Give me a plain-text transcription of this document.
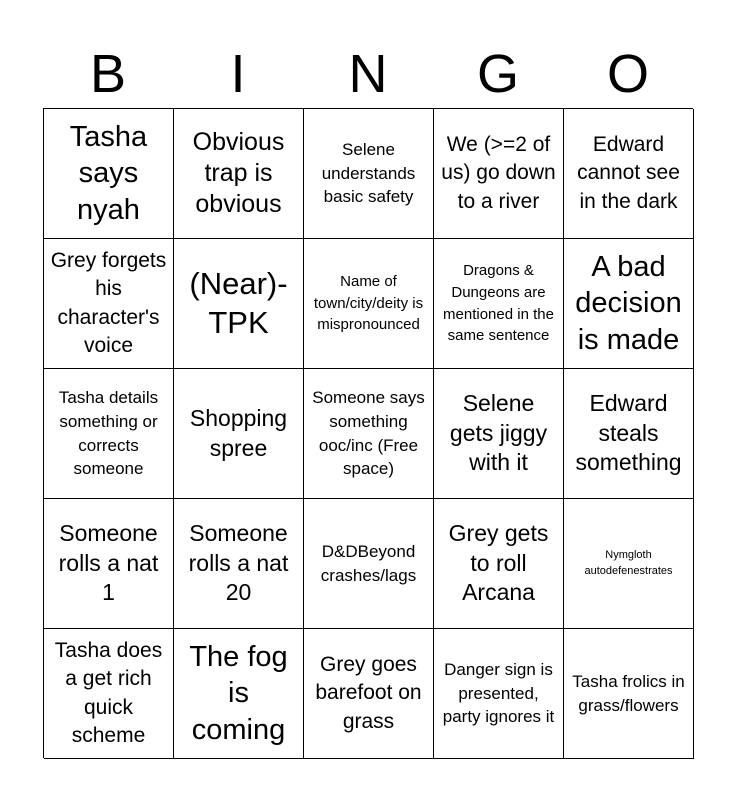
B	I	N	G	O
Tasha says nyah
Obvious trap is obvious
Selene understands basic safety
We (>=2 of us) go down to a river
Edward cannot see in the dark
Grey forgets his character's voice
(Near)-TPK
Name of town/city/deity is mispronounced
Dragons & Dungeons are mentioned in the same sentence
A bad decision is made
Tasha details something or corrects someone
Shopping spree
Someone says something ooc/inc (Free space)
Selene gets jiggy with it
Edward steals something
Someone rolls a nat 1
Someone rolls a nat 20
D&DBeyond crashes/lags
Grey gets to roll Arcana
Nymgloth autodefenestrates
Tasha does a get rich quick scheme
The fog is coming
Grey goes barefoot on grass
Danger sign is presented, party ignores it
Tasha frolics in grass/flowers
